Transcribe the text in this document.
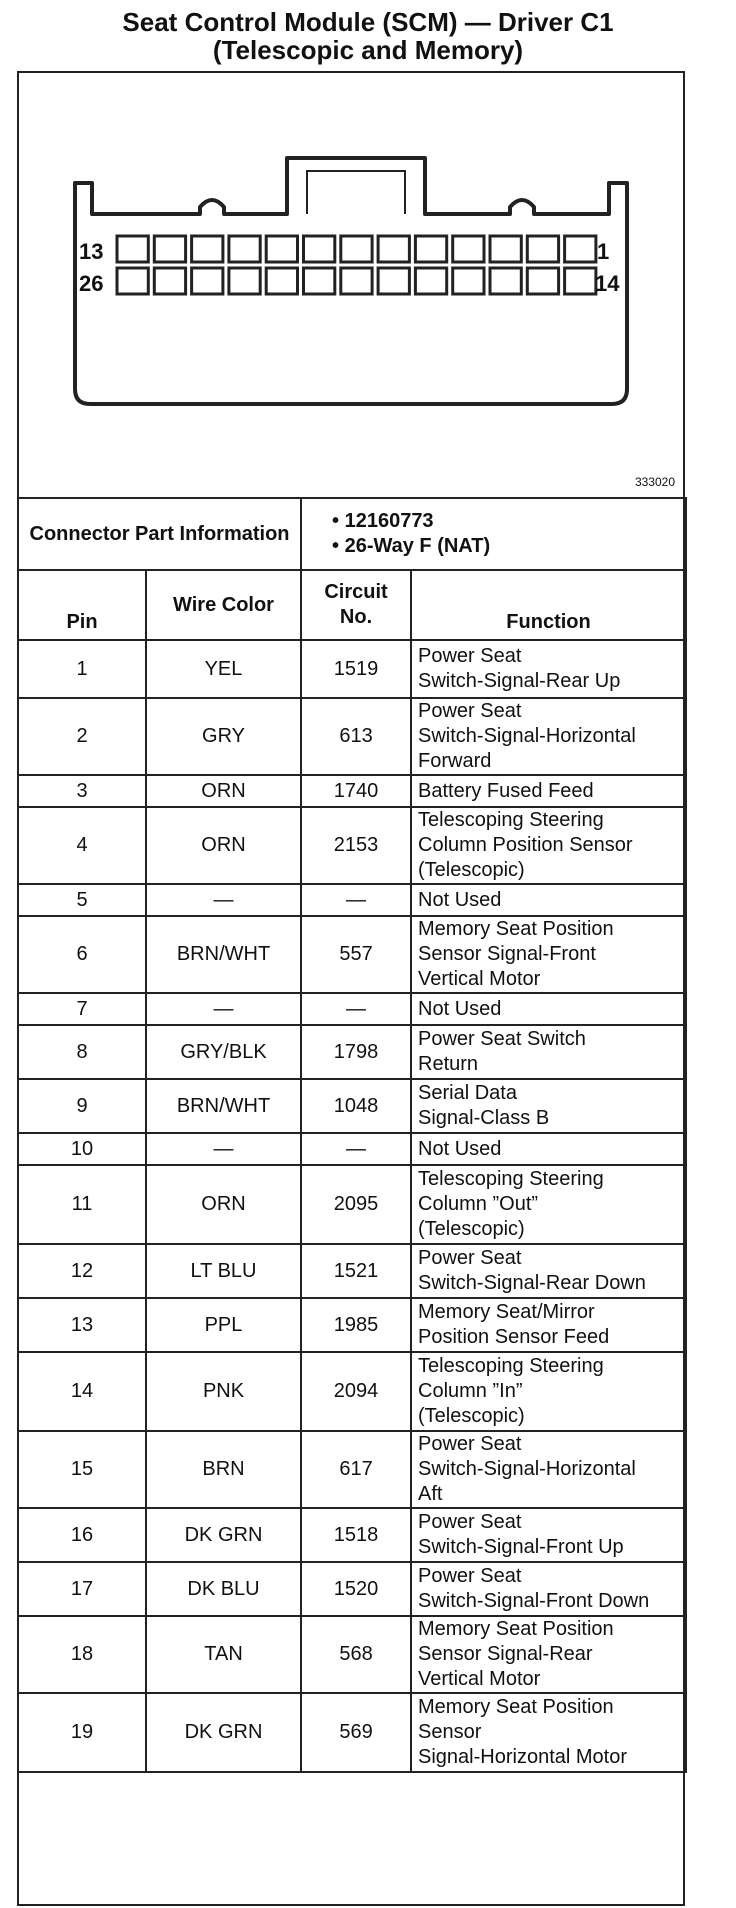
Seat Control Module (SCM) — Driver C1
(Telescopic and Memory)
13
26
1
14
333020
Connector Part Information		• 12160773
• 26-Way F (NAT)	

Pin	Wire Color	Circuit No.	Function
1	YEL	1519	Power Seat
Switch-Signal-Rear Up

2	GRY	613	Power Seat
Switch-Signal-Horizontal
Forward

3	ORN	1740	Battery Fused Feed

4	ORN	2153	Telescoping Steering
Column Position Sensor
(Telescopic)

5	—	—	Not Used

6	BRN/WHT	557	Memory Seat Position
Sensor Signal-Front
Vertical Motor

7	—	—	Not Used

8	GRY/BLK	1798	Power Seat Switch
Return

9	BRN/WHT	1048	Serial Data
Signal-Class B

10	—	—	Not Used

11	ORN	2095	Telescoping Steering
Column ”Out”
(Telescopic)

12	LT BLU	1521	Power Seat
Switch-Signal-Rear Down

13	PPL	1985	Memory Seat/Mirror
Position Sensor Feed

14	PNK	2094	Telescoping Steering
Column ”In”
(Telescopic)

15	BRN	617	Power Seat
Switch-Signal-Horizontal
Aft

16	DK GRN	1518	Power Seat
Switch-Signal-Front Up

17	DK BLU	1520	Power Seat
Switch-Signal-Front Down

18	TAN	568	Memory Seat Position
Sensor Signal-Rear
Vertical Motor

19	DK GRN	569	Memory Seat Position
Sensor
Signal-Horizontal Motor
